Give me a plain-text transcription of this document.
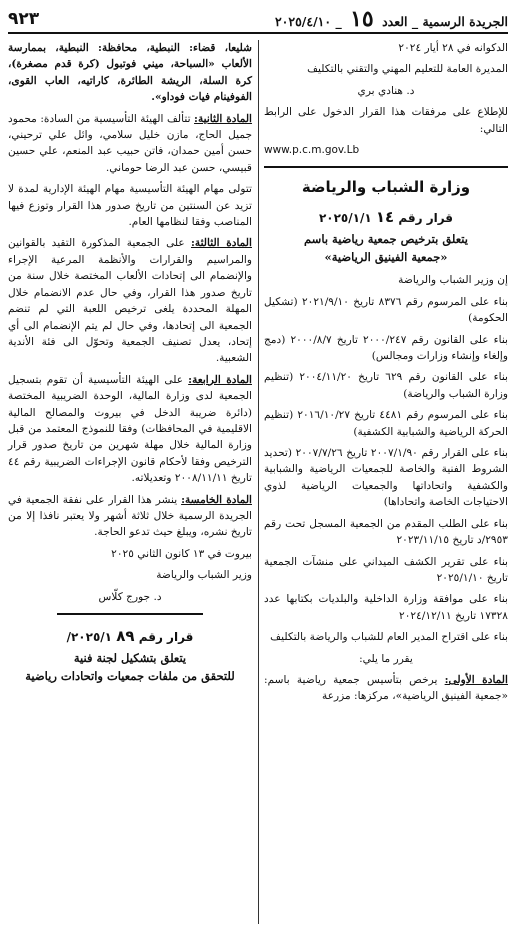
الجريدة الرسمية _ العدد ١٥ _ ٢٠٢٥/٤/١٠
٩٢٣

الدكوانه في ٢٨ أيار ٢٠٢٤

المديرة العامة للتعليم المهني والتقني بالتكليف

د. هنادي بري

للإطلاع على مرفقات هذا القرار الدخول على الرابط التالي:

www.p.c.m.gov.Lb

وزارة الشباب والرياضة
قرار رقم ١٤ ٢٠٢٥/١/١
يتعلق بترخيص جمعية رياضية باسم
«جمعية الفينيق الرياضية»

إن وزير الشباب والرياضة

بناء على المرسوم رقم ٨٣٧٦ تاريخ ٢٠٢١/٩/١٠ (تشكيل الحكومة)

بناء على القانون رقم ٢٠٠٠/٢٤٧ تاريخ ٢٠٠٠/٨/٧ (دمج وإلغاء وإنشاء وزارات ومجالس)

بناء على القانون رقم ٦٢٩ تاريخ ٢٠٠٤/١١/٢٠ (تنظيم وزارة الشباب والرياضة)

بناء على المرسوم رقم ٤٤٨١ تاريخ ٢٠١٦/١٠/٢٧ (تنظيم الحركة الرياضية والشبابية الكشفية)

بناء على القرار رقم ٢٠٠٧/١/٩٠ تاريخ ٢٠٠٧/٧/٢٦ (تحديد الشروط الفنية والخاصة للجمعيات الرياضية والشبابية والكشفية واتحاداتها والجمعيات الرياضية لذوي الاحتياجات الخاصة واتحاداها)

بناء على الطلب المقدم من الجمعية المسجل تحت رقم ٢٩٥٣/د تاريخ ٢٠٢٣/١١/١٥

بناء على تقرير الكشف الميداني على منشآت الجمعية تاريخ ٢٠٢٥/١/١٠

بناء على موافقة وزارة الداخلية والبلديات بكتابها عدد ١٧٣٢٨ تاريخ ٢٠٢٤/١٢/١١

بناء على اقتراح المدير العام للشباب والرياضة بالتكليف

يقرر ما يلي:

المادة الأولى: يرخص بتأسيس جمعية رياضية باسم: «جمعية الفينيق الرياضية»، مركزها: مزرعة

شليعا، قضاء: النبطية، محافظة: النبطية، بممارسة الألعاب «السباحة، ميني فوتبول (كرة قدم مصغرة)، كرة السلة، الريشة الطائرة، كاراتيه، العاب القوى، الفوفينام فيات فوداو».

المادة الثانية: تتألف الهيئة التأسيسية من السادة: محمود جميل الحاج، مازن خليل سلامي، وائل علي ترحيني، حسن أمين حمدان، فاتن حبيب عبد المنعم، علي حسين قبيسي، حسن عبد الرضا حوماني.

تتولى مهام الهيئة التأسيسية مهام الهيئة الإدارية لمدة لا تزيد عن السنتين من تاريخ صدور هذا القرار وتوزع فيها المناصب وفقا لنظامها العام.

المادة الثالثة: على الجمعية المذكورة التقيد بالقوانين والمراسيم والقرارات والأنظمة المرعية الإجراء والإنضمام الى إتحادات الألعاب المختصة خلال سنة من تاريخ صدور هذا القرار، وفي حال عدم الانضمام خلال المهلة المحددة يلغى ترخيص اللعبة التي لم تنضم الجمعية الى إتحادها، وفي حال لم يتم الإنضمام الى أي إتحاد، يعدل تصنيف الجمعية وتحوّل الى فئة الأندية الشعبية.

المادة الرابعة: على الهيئة التأسيسية أن تقوم بتسجيل الجمعية لدى وزارة المالية، الوحدة الضريبية المختصة (دائرة ضريبة الدخل في بيروت والمصالح المالية الاقليمية في المحافظات) وفقا للنموذج المعتمد من قبل وزارة المالية خلال مهلة شهرين من تاريخ صدور قرار الترخيص وفقا لأحكام قانون الإجراءات الضريبية رقم ٤٤ تاريخ ٢٠٠٨/١١/١١ وتعديلاته.

المادة الخامسة: ينشر هذا القرار على نفقة الجمعية في الجريدة الرسمية خلال ثلاثة أشهر ولا يعتبر نافذا إلا من تاريخ نشره، ويبلغ حيث تدعو الحاجة.

بيروت في ١٣ كانون الثاني ٢٠٢٥

وزير الشباب والرياضة

د. جورج كلّاس

قرار رقم ٨٩ ٢٠٢٥/١/
يتعلق بتشكيل لجنة فنية
للتحقق من ملفات جمعيات واتحادات رياضية
